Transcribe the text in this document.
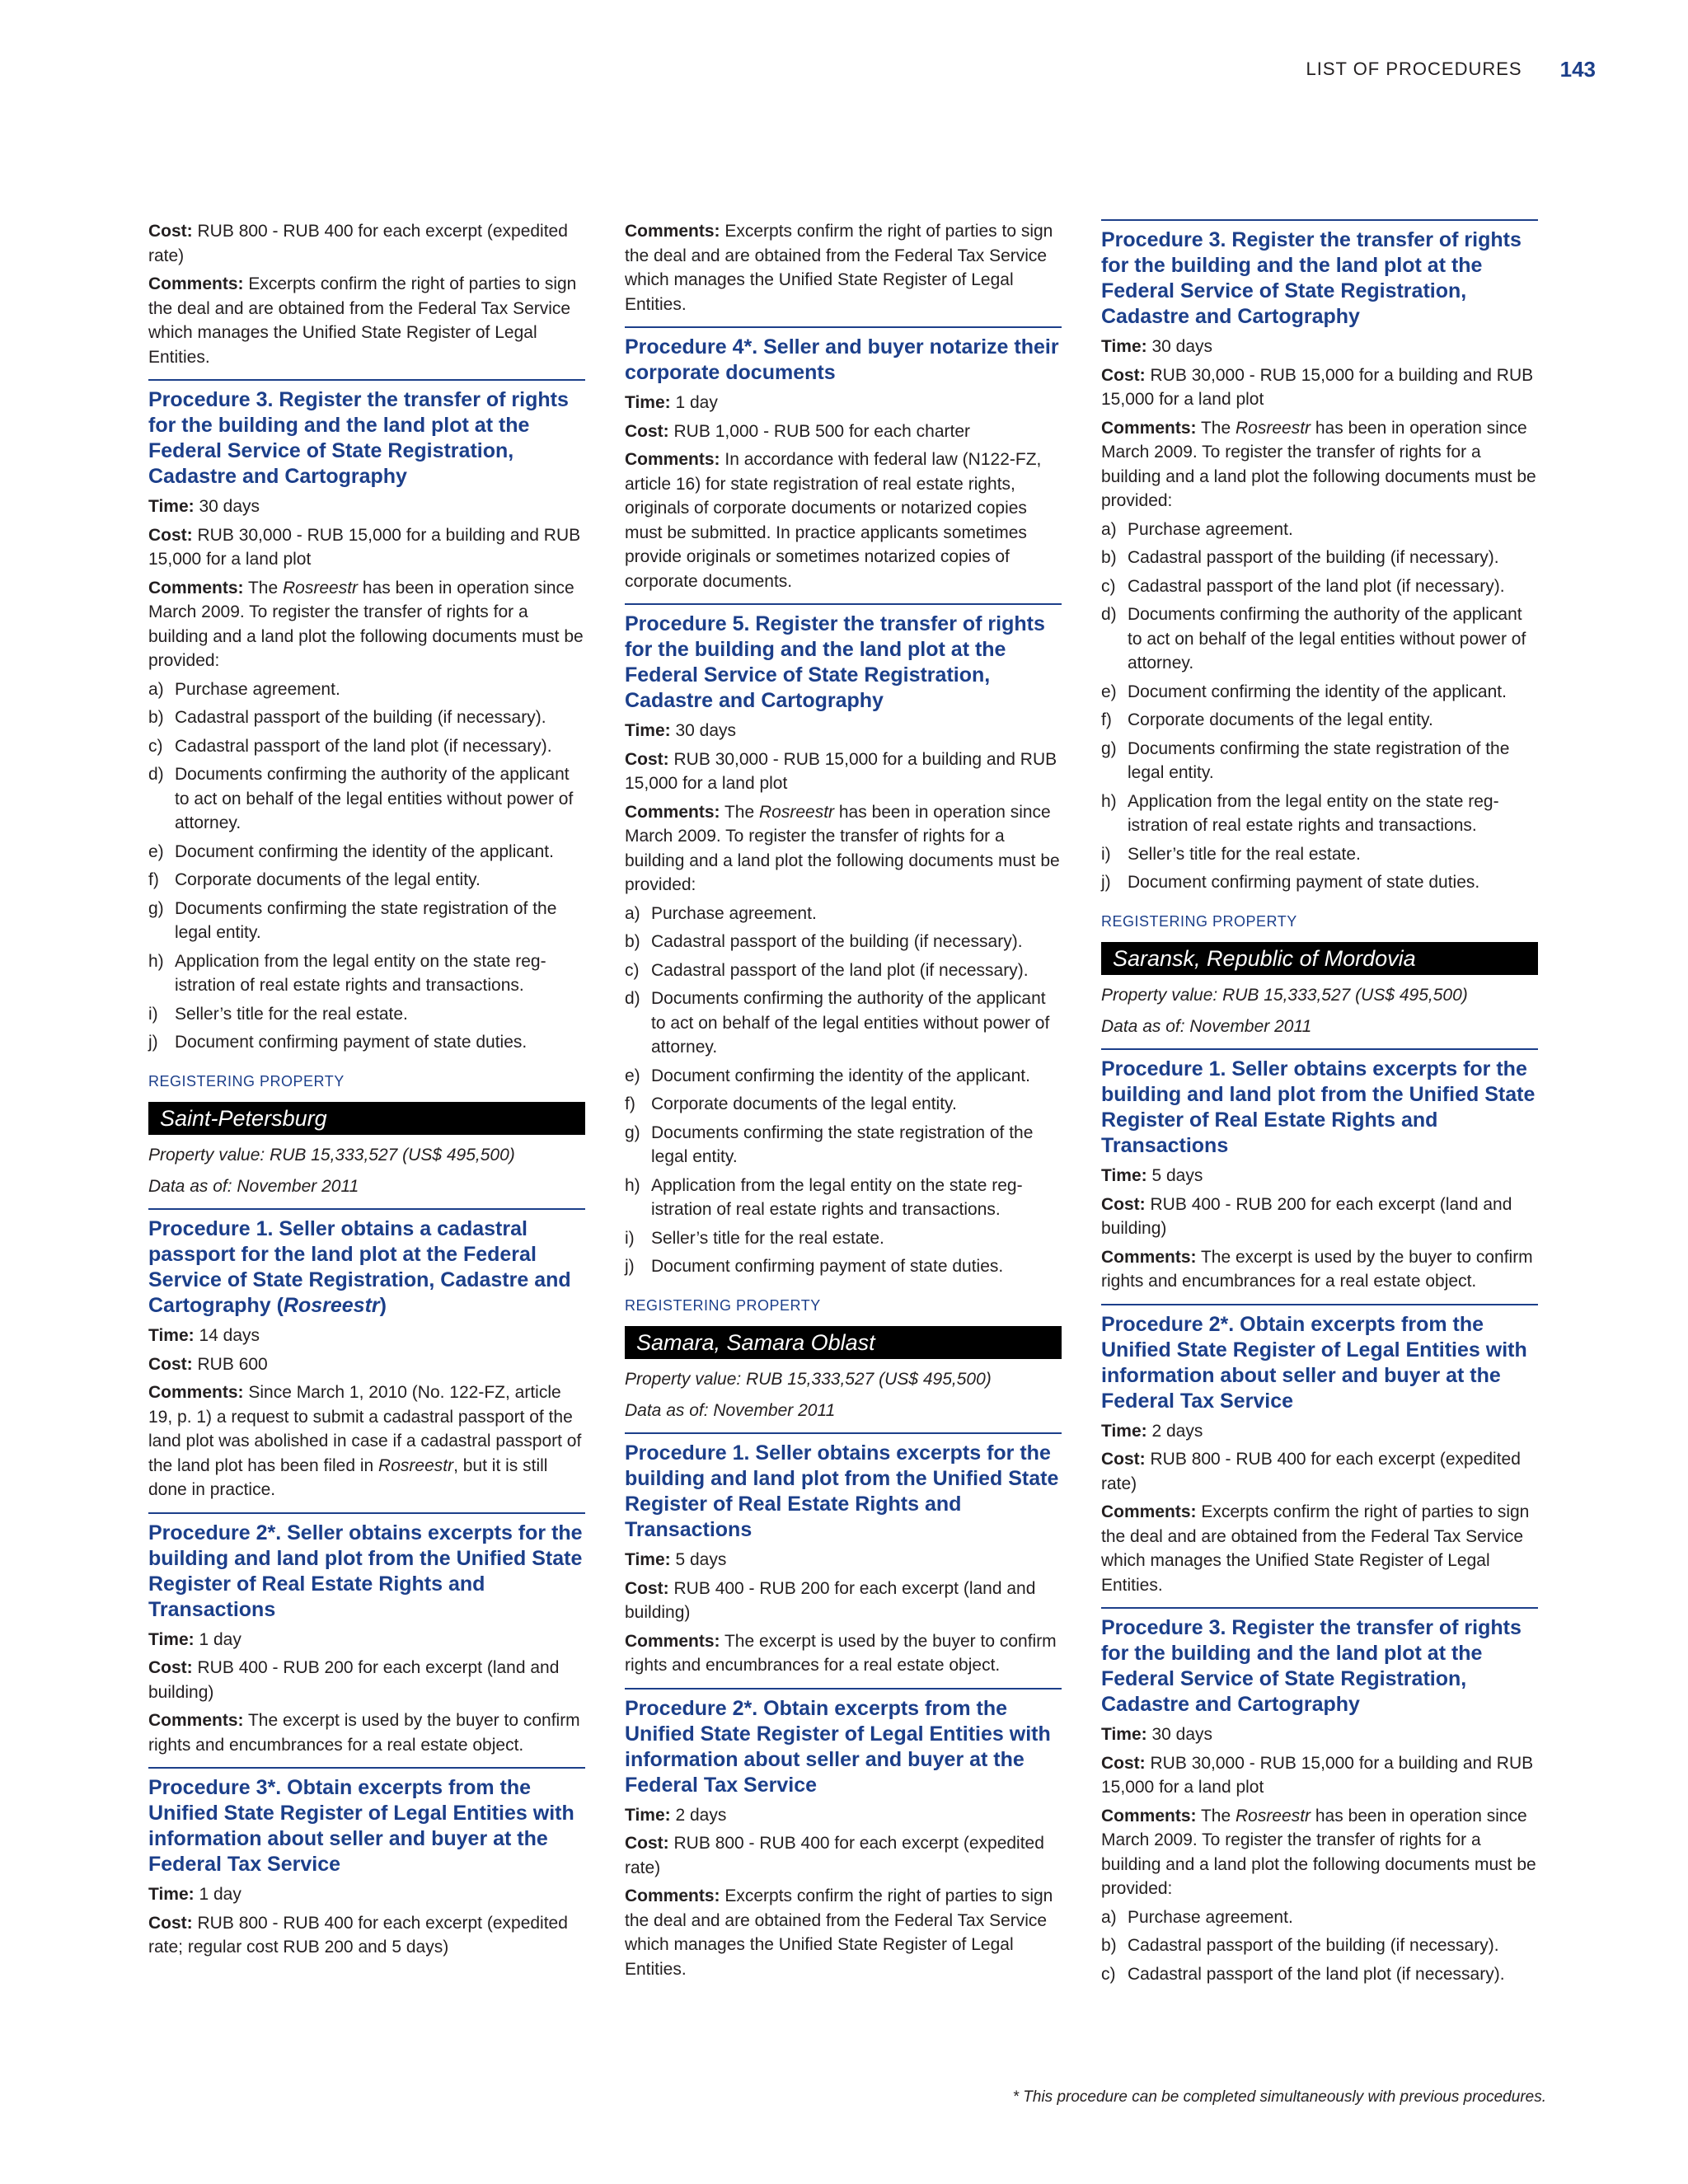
LIST OF PROCEDURES 143

Cost: RUB 800 - RUB 400 for each excerpt (expedited rate)

Comments: Excerpts confirm the right of parties to sign the deal and are obtained from the Federal Tax Service which manages the Unified State Register of Legal Entities.

Procedure 3. Register the transfer of rights for the building and the land plot at the Federal Service of State Registration, Cadastre and Cartography

Time: 30 days

Cost: RUB 30,000 - RUB 15,000 for a building and RUB 15,000 for a land plot

Comments: The Rosreestr has been in operation since March 2009. To register the transfer of rights for a building and a land plot the following documents must be provided:

a) Purchase agreement.
b) Cadastral passport of the building (if necessary).
c) Cadastral passport of the land plot (if necessary).
d) Documents confirming the authority of the applicant to act on behalf of the legal entities without power of attorney.
e) Document confirming the identity of the applicant.
f) Corporate documents of the legal entity.
g) Documents confirming the state registration of the legal entity.
h) Application from the legal entity on the state registration of real estate rights and transactions.
i) Seller’s title for the real estate.
j) Document confirming payment of state duties.
REGISTERING PROPERTY
Saint-Petersburg

Property value: RUB 15,333,527 (US$ 495,500)

Data as of: November 2011

Procedure 1. Seller obtains a cadastral passport for the land plot at the Federal Service of State Registration, Cadastre and Cartography (Rosreestr)

Time: 14 days

Cost: RUB 600

Comments: Since March 1, 2010 (No. 122-FZ, article 19, p. 1) a request to submit a cadastral passport of the land plot was abolished in case if a cadastral passport of the land plot has been filed in Rosreestr, but it is still done in practice.

Procedure 2*. Seller obtains excerpts for the building and land plot from the Unified State Register of Real Estate Rights and Transactions

Time: 1 day

Cost: RUB 400 - RUB 200 for each excerpt (land and building)

Comments: The excerpt is used by the buyer to confirm rights and encumbrances for a real estate object.

Procedure 3*. Obtain excerpts from the Unified State Register of Legal Entities with information about seller and buyer at the Federal Tax Service

Time: 1 day

Cost: RUB 800 - RUB 400 for each excerpt (expedited rate; regular cost RUB 200 and 5 days)

Comments: Excerpts confirm the right of parties to sign the deal and are obtained from the Federal Tax Service which manages the Unified State Register of Legal Entities.

Procedure 4*. Seller and buyer notarize their corporate documents

Time: 1 day

Cost: RUB 1,000 - RUB 500 for each charter

Comments: In accordance with federal law (N122-FZ, article 16) for state registration of real estate rights, originals of corporate documents or notarized copies must be submitted. In practice applicants sometimes provide originals or sometimes notarized copies of corporate documents.

Procedure 5. Register the transfer of rights for the building and the land plot at the Federal Service of State Registration, Cadastre and Cartography

Time: 30 days

Cost: RUB 30,000 - RUB 15,000 for a building and RUB 15,000 for a land plot

Comments: The Rosreestr has been in operation since March 2009. To register the transfer of rights for a building and a land plot the following documents must be provided:

a) Purchase agreement.
b) Cadastral passport of the building (if necessary).
c) Cadastral passport of the land plot (if necessary).
d) Documents confirming the authority of the applicant to act on behalf of the legal entities without power of attorney.
e) Document confirming the identity of the applicant.
f) Corporate documents of the legal entity.
g) Documents confirming the state registration of the legal entity.
h) Application from the legal entity on the state registration of real estate rights and transactions.
i) Seller’s title for the real estate.
j) Document confirming payment of state duties.
REGISTERING PROPERTY
Samara, Samara Oblast

Property value: RUB 15,333,527 (US$ 495,500)

Data as of: November 2011

Procedure 1. Seller obtains excerpts for the building and land plot from the Unified State Register of Real Estate Rights and Transactions

Time: 5 days

Cost: RUB 400 - RUB 200 for each excerpt (land and building)

Comments: The excerpt is used by the buyer to confirm rights and encumbrances for a real estate object.

Procedure 2*. Obtain excerpts from the Unified State Register of Legal Entities with information about seller and buyer at the Federal Tax Service

Time: 2 days

Cost: RUB 800 - RUB 400 for each excerpt (expedited rate)

Comments: Excerpts confirm the right of parties to sign the deal and are obtained from the Federal Tax Service which manages the Unified State Register of Legal Entities.

Procedure 3. Register the transfer of rights for the building and the land plot at the Federal Service of State Registration, Cadastre and Cartography

Time: 30 days

Cost: RUB 30,000 - RUB 15,000 for a building and RUB 15,000 for a land plot

Comments: The Rosreestr has been in operation since March 2009. To register the transfer of rights for a building and a land plot the following documents must be provided:

a) Purchase agreement.
b) Cadastral passport of the building (if necessary).
c) Cadastral passport of the land plot (if necessary).
d) Documents confirming the authority of the applicant to act on behalf of the legal entities without power of attorney.
e) Document confirming the identity of the applicant.
f) Corporate documents of the legal entity.
g) Documents confirming the state registration of the legal entity.
h) Application from the legal entity on the state registration of real estate rights and transactions.
i) Seller’s title for the real estate.
j) Document confirming payment of state duties.
REGISTERING PROPERTY
Saransk, Republic of Mordovia

Property value: RUB 15,333,527 (US$ 495,500)

Data as of: November 2011

Procedure 1. Seller obtains excerpts for the building and land plot from the Unified State Register of Real Estate Rights and Transactions

Time: 5 days

Cost: RUB 400 - RUB 200 for each excerpt (land and building)

Comments: The excerpt is used by the buyer to confirm rights and encumbrances for a real estate object.

Procedure 2*. Obtain excerpts from the Unified State Register of Legal Entities with information about seller and buyer at the Federal Tax Service

Time: 2 days

Cost: RUB 800 - RUB 400 for each excerpt (expedited rate)

Comments: Excerpts confirm the right of parties to sign the deal and are obtained from the Federal Tax Service which manages the Unified State Register of Legal Entities.

Procedure 3. Register the transfer of rights for the building and the land plot at the Federal Service of State Registration, Cadastre and Cartography

Time: 30 days

Cost: RUB 30,000 - RUB 15,000 for a building and RUB 15,000 for a land plot

Comments: The Rosreestr has been in operation since March 2009. To register the transfer of rights for a building and a land plot the following documents must be provided:

a) Purchase agreement.
b) Cadastral passport of the building (if necessary).
c) Cadastral passport of the land plot (if necessary).
* This procedure can be completed simultaneously with previous procedures.
